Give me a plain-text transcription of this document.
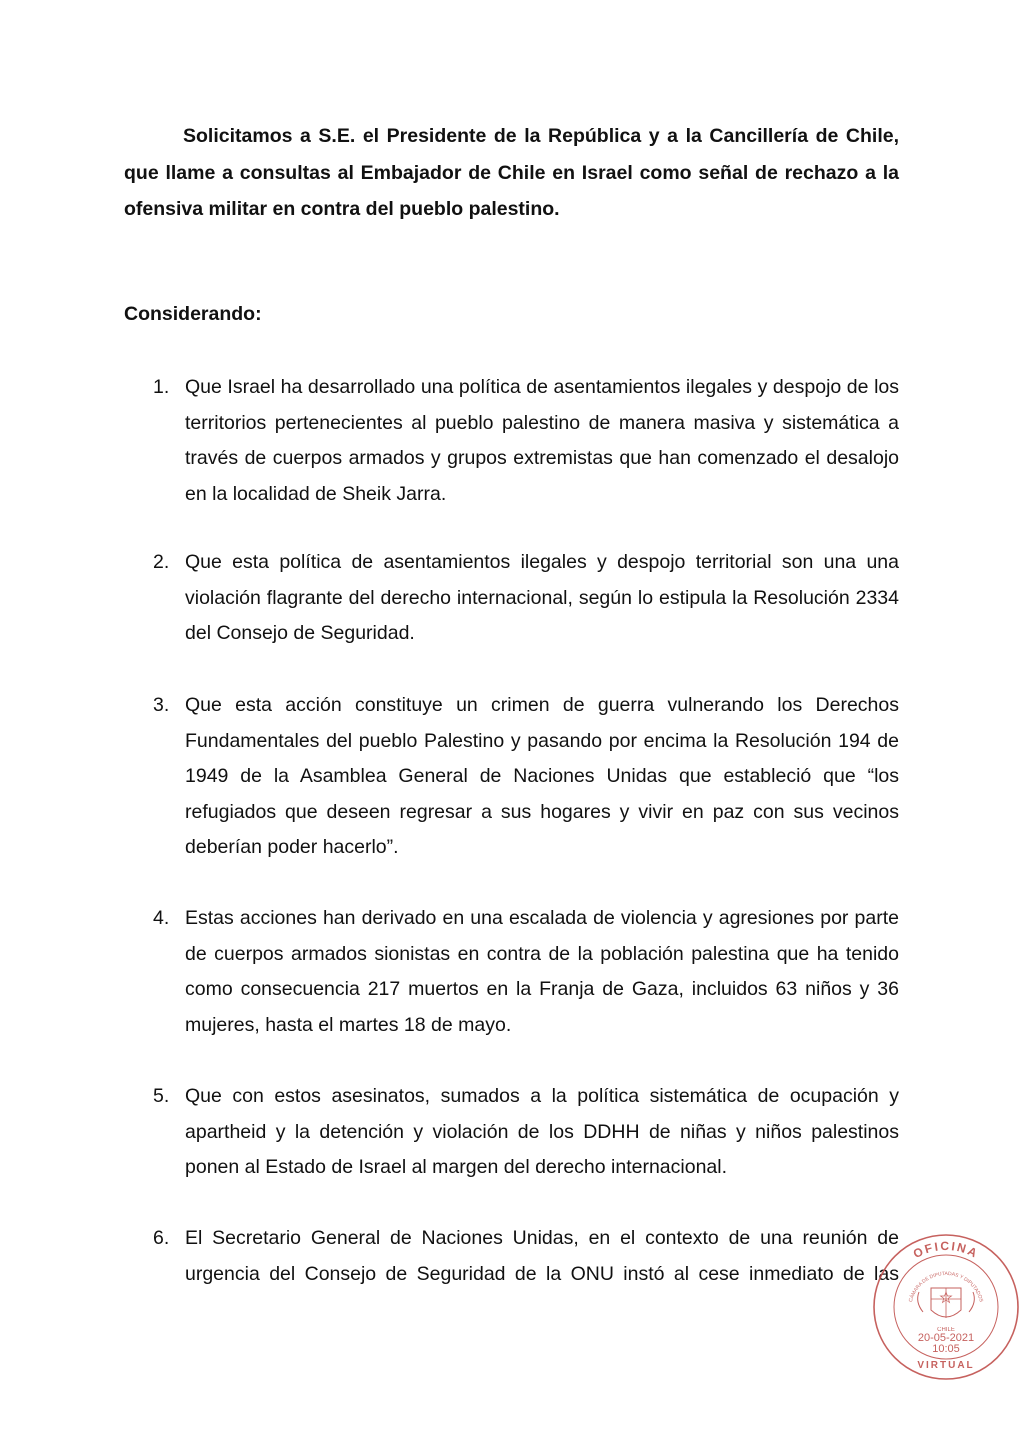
Solicitamos a S.E. el Presidente de la República y a la Cancillería de Chile, que llame a consultas al Embajador de Chile en Israel como señal de rechazo a la ofensiva militar en contra del pueblo palestino.

Considerando:

1. Que Israel ha desarrollado una política de asentamientos ilegales y despojo de los territorios pertenecientes al pueblo palestino de manera masiva y sistemática a través de cuerpos armados y grupos extremistas que han comenzado el desalojo en la localidad de Sheik Jarra.

2. Que esta política de asentamientos ilegales y despojo territorial son una una violación flagrante del derecho internacional, según lo estipula la Resolución 2334 del Consejo de Seguridad.

3. Que esta acción constituye un crimen de guerra vulnerando los Derechos Fundamentales del pueblo Palestino y pasando por encima la Resolución 194 de 1949 de la Asamblea General de Naciones Unidas que estableció que “los refugiados que deseen regresar a sus hogares y vivir en paz con sus vecinos deberían poder hacerlo”.

4. Estas acciones han derivado en una escalada de violencia y agresiones por parte de cuerpos armados sionistas en contra de la población palestina que ha tenido como consecuencia 217 muertos en la Franja de Gaza, incluidos 63 niños y 36 mujeres, hasta el martes 18 de mayo.

5. Que con estos asesinatos, sumados a la política sistemática de ocupación y apartheid y la detención y violación de los DDHH de niñas y niños palestinos ponen al Estado de Israel al margen del derecho internacional.

6. El Secretario General de Naciones Unidas, en el contexto de una reunión de urgencia del Consejo de Seguridad de la ONU instó al cese inmediato de las

OFICINA
CÁMARA DE DIPUTADAS Y DIPUTADOS
CHILE
20-05-2021
10:05
VIRTUAL
